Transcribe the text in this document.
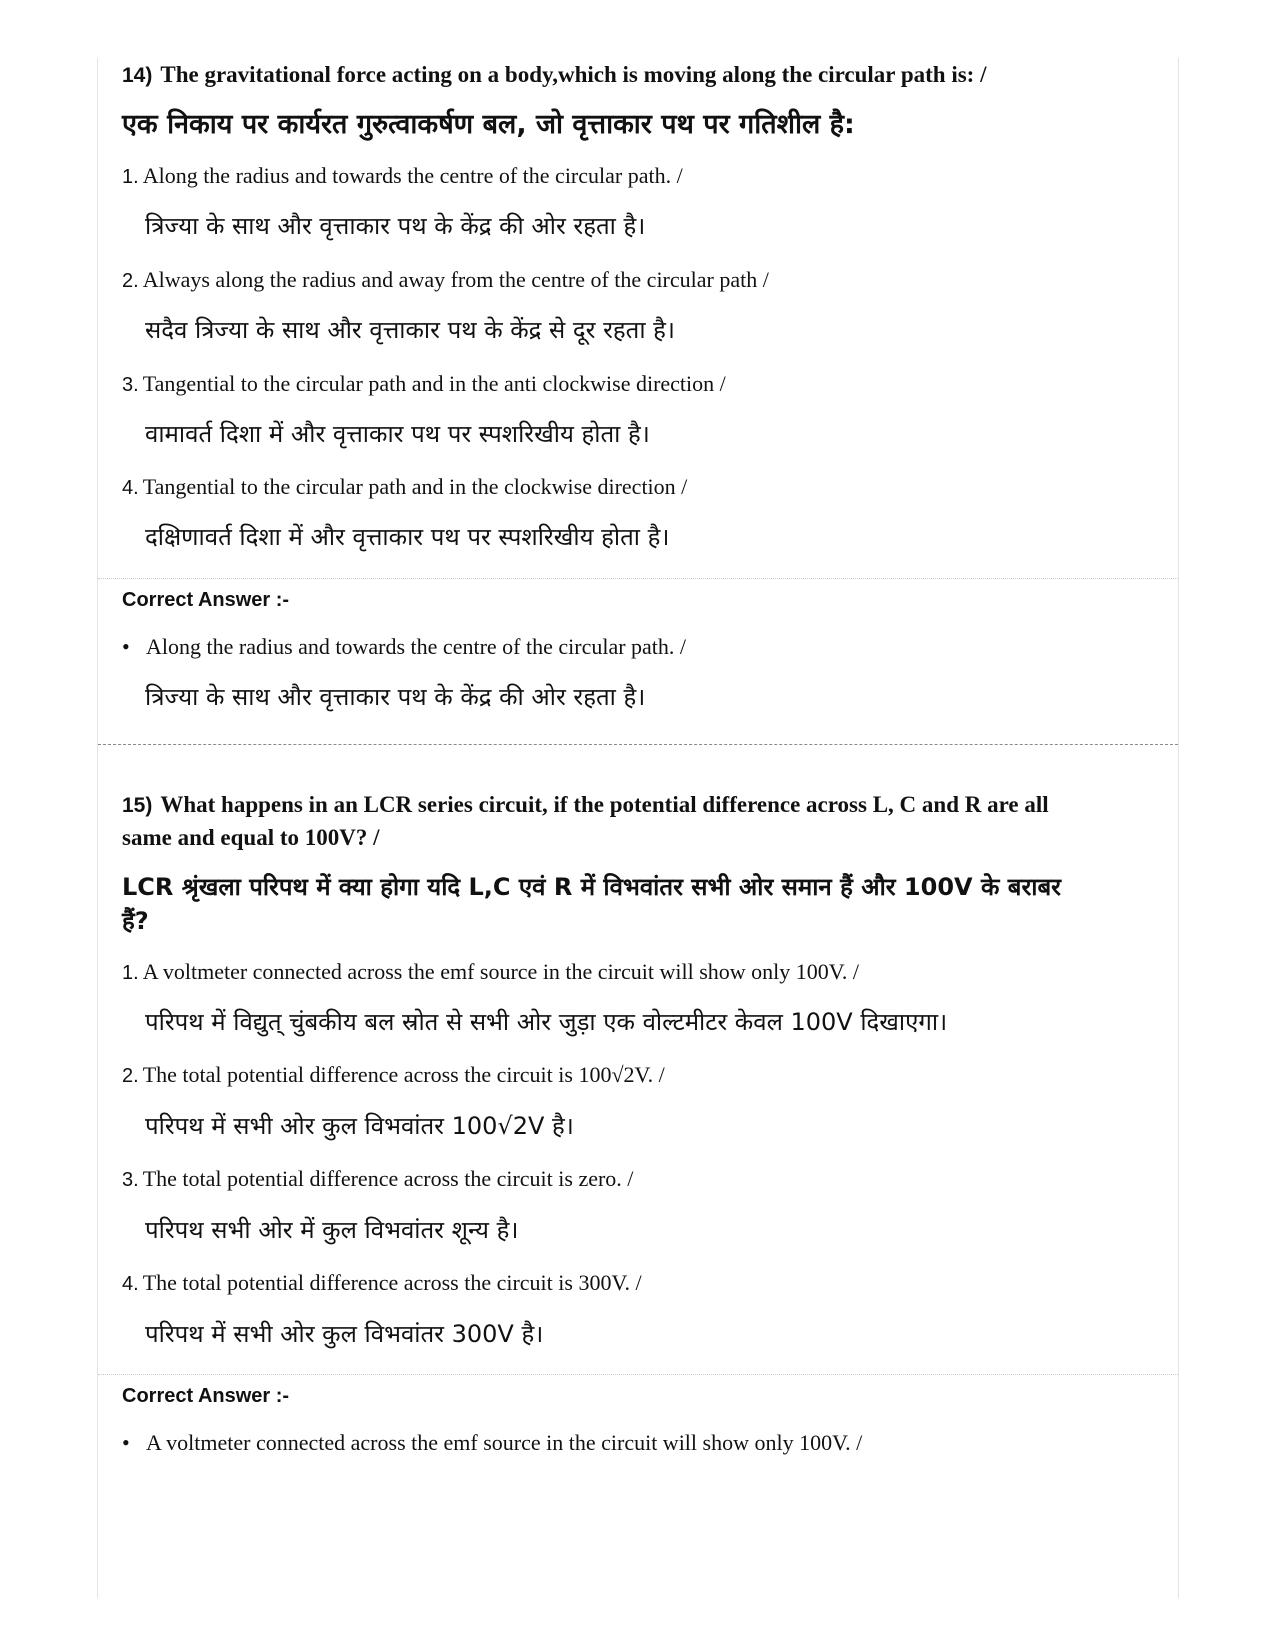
14) The gravitational force acting on a body,which is moving along the circular path is: /
एक निकाय पर कार्यरत गुरुत्वाकर्षण बल, जो वृत्ताकार पथ पर गतिशील है:
1. Along the radius and towards the centre of the circular path. /
त्रिज्या के साथ और वृत्ताकार पथ के केंद्र की ओर रहता है।
2. Always along the radius and away from the centre of the circular path /
सदैव त्रिज्या के साथ और वृत्ताकार पथ के केंद्र से दूर रहता है।
3. Tangential to the circular path and in the anti clockwise direction /
वामावर्त दिशा में और वृत्ताकार पथ पर स्पशरिखीय होता है।
4. Tangential to the circular path and in the clockwise direction /
दक्षिणावर्त दिशा में और वृत्ताकार पथ पर स्पशरिखीय होता है।
Correct Answer :-
• Along the radius and towards the centre of the circular path. /
त्रिज्या के साथ और वृत्ताकार पथ के केंद्र की ओर रहता है।
15) What happens in an LCR series circuit, if the potential difference across L, C and R are all
same and equal to 100V? /
LCR श्रृंखला परिपथ में क्या होगा यदि L,C एवं R में विभवांतर सभी ओर समान हैं और 100V के बराबर
हैं?
1. A voltmeter connected across the emf source in the circuit will show only 100V. /
परिपथ में विद्युत् चुंबकीय बल स्रोत से सभी ओर जुड़ा एक वोल्टमीटर केवल 100V दिखाएगा।
2. The total potential difference across the circuit is 100√2V. /
परिपथ में सभी ओर कुल विभवांतर 100√2V है।
3. The total potential difference across the circuit is zero. /
परिपथ सभी ओर में कुल विभवांतर शून्य है।
4. The total potential difference across the circuit is 300V. /
परिपथ में सभी ओर कुल विभवांतर 300V है।
Correct Answer :-
• A voltmeter connected across the emf source in the circuit will show only 100V. /
